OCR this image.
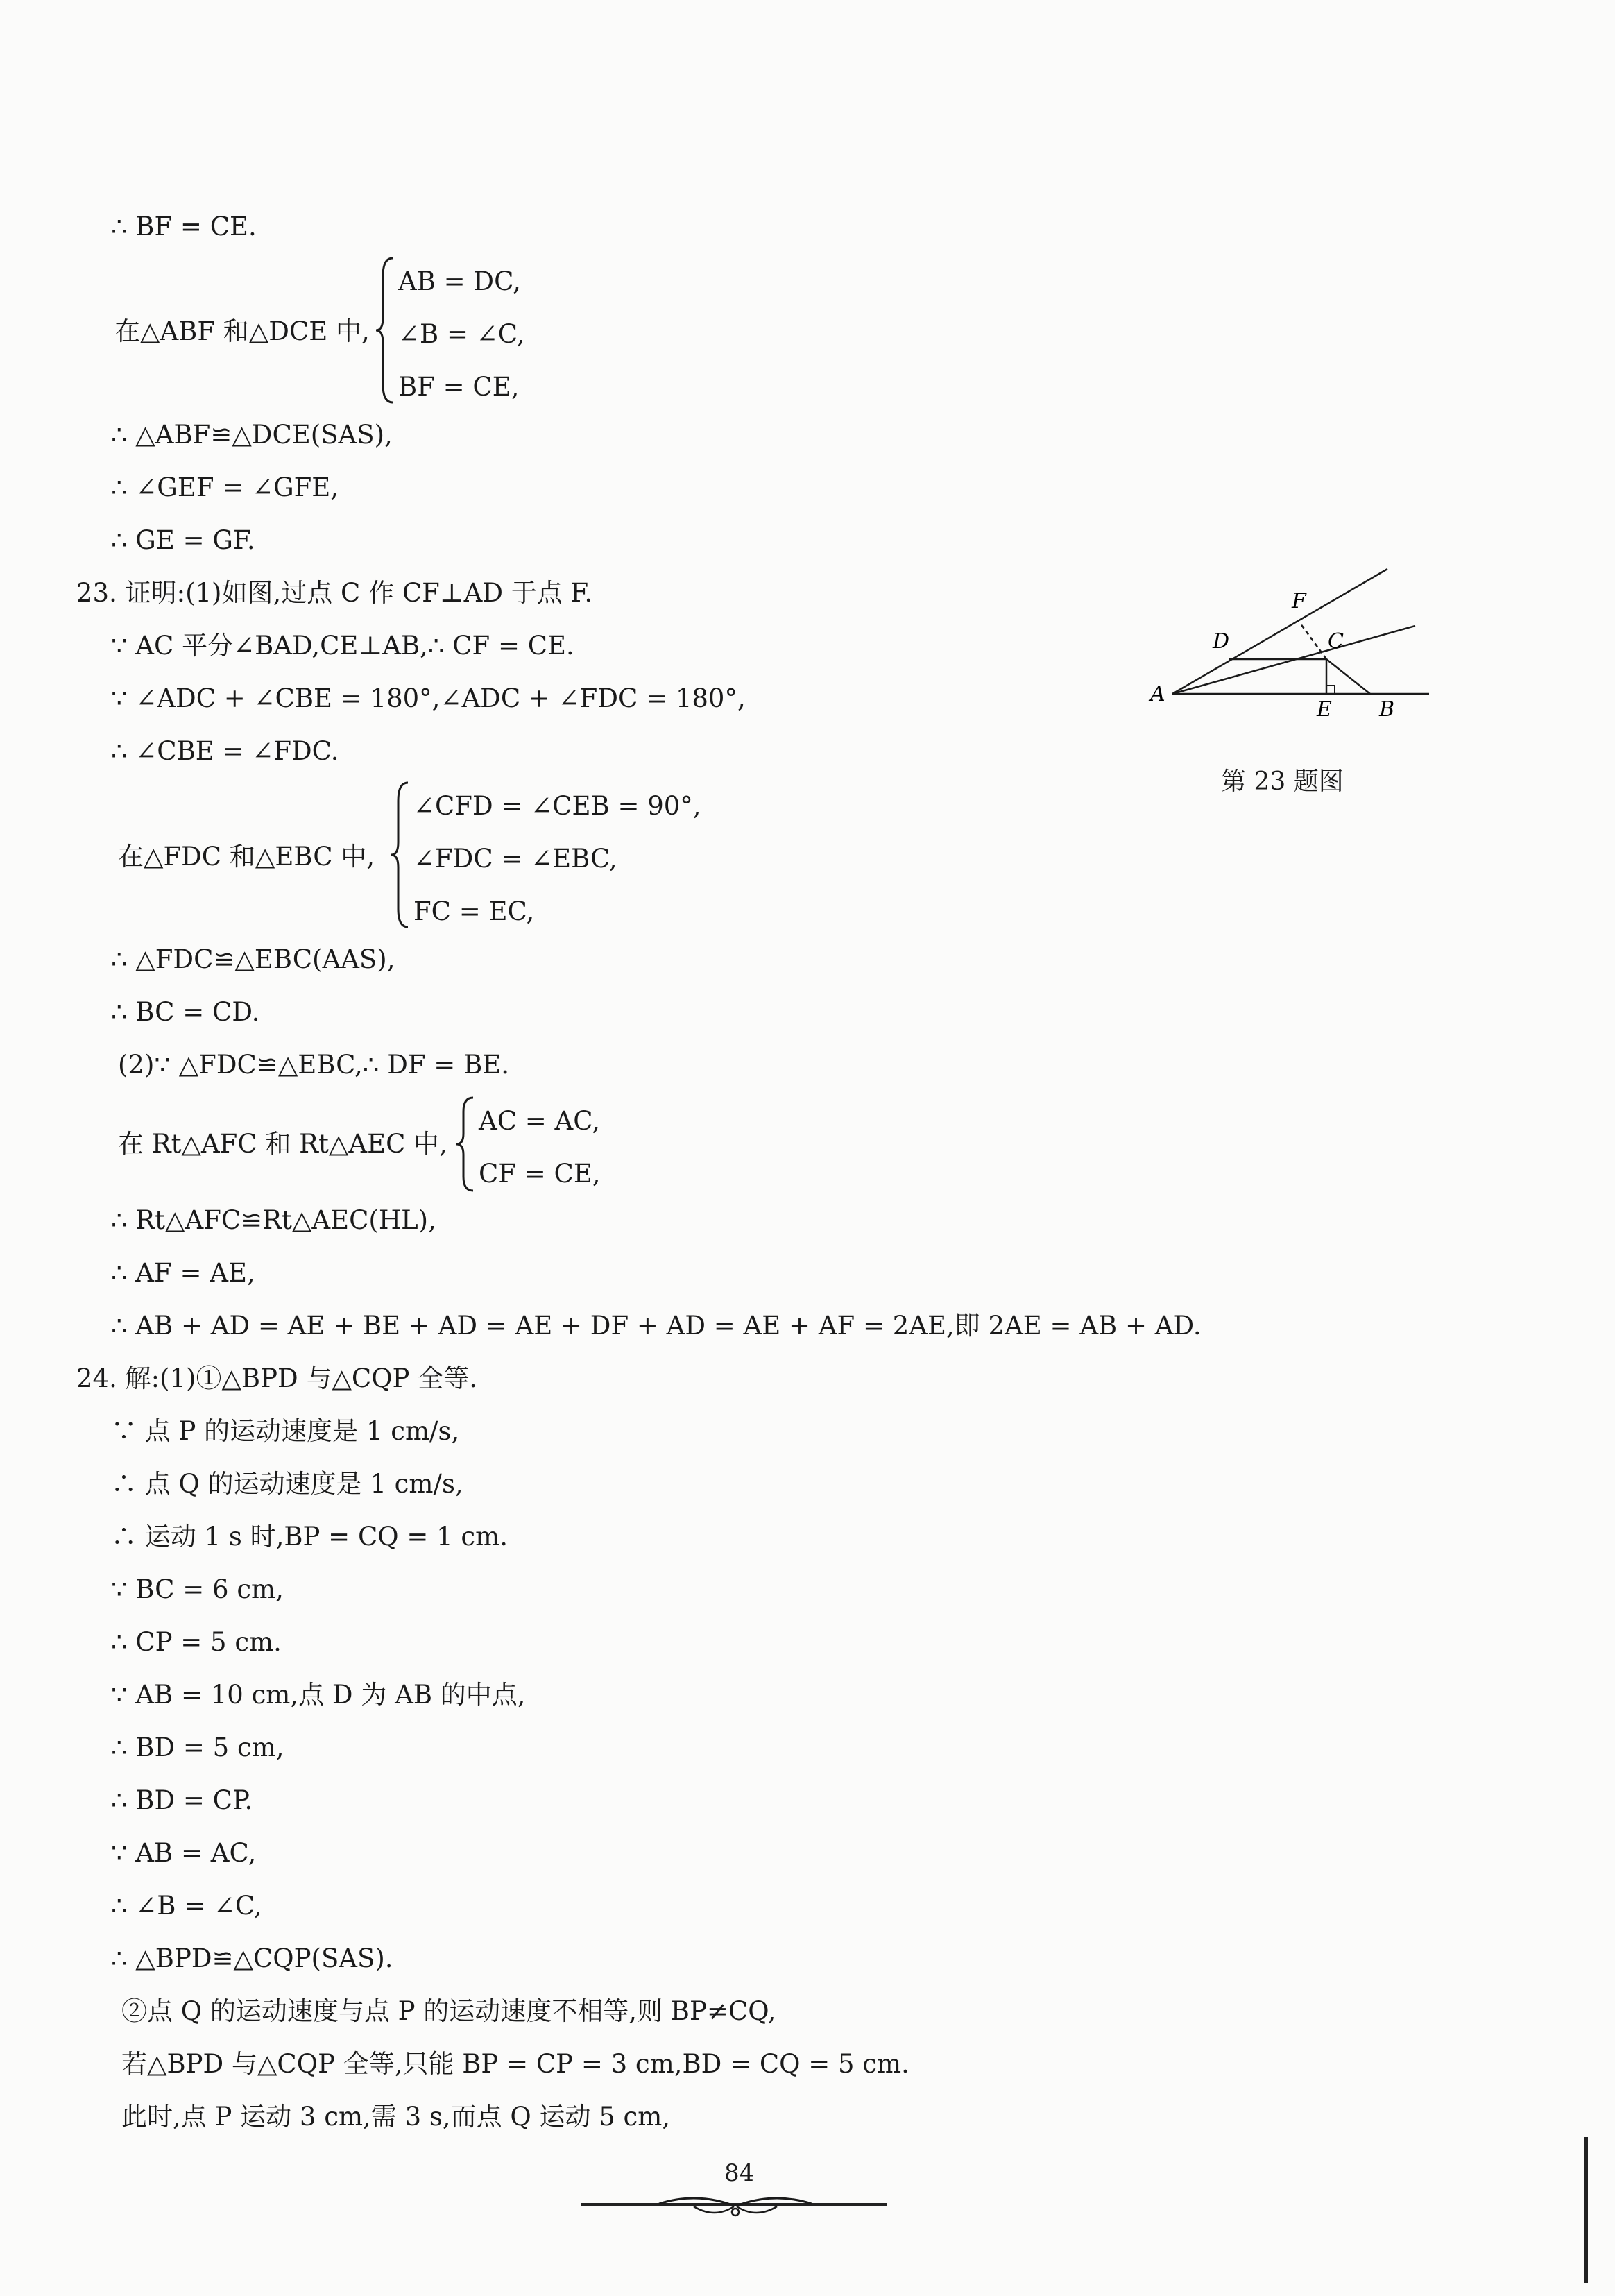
∴ BF = CE.
在△ABF 和△DCE 中,
AB = DC,
∠B = ∠C,
BF = CE,
∴ △ABF≌△DCE(SAS),
∴ ∠GEF = ∠GFE,
∴ GE = GF.
23. 证明:(1)如图,过点 C 作 CF⊥AD 于点 F.
∵ AC 平分∠BAD,CE⊥AB,∴ CF = CE.
∵ ∠ADC + ∠CBE = 180°,∠ADC + ∠FDC = 180°,
∴ ∠CBE = ∠FDC.
在△FDC 和△EBC 中,
∠CFD = ∠CEB = 90°,
∠FDC = ∠EBC,
FC = EC,
∴ △FDC≌△EBC(AAS),
∴ BC = CD.
(2)∵ △FDC≌△EBC,∴ DF = BE.
在 Rt△AFC 和 Rt△AEC 中,
AC = AC,
CF = CE,
∴ Rt△AFC≌Rt△AEC(HL),
∴ AF = AE,
∴ AB + AD = AE + BE + AD = AE + DF + AD = AE + AF = 2AE,即 2AE = AB + AD.
A
B
C
D
E
F
第 23 题图
24. 解:(1)①△BPD 与△CQP 全等.
∵ 点 P 的运动速度是 1 cm/s,
∴ 点 Q 的运动速度是 1 cm/s,
∴ 运动 1 s 时,BP = CQ = 1 cm.
∵ BC = 6 cm,
∴ CP = 5 cm.
∵ AB = 10 cm,点 D 为 AB 的中点,
∴ BD = 5 cm,
∴ BD = CP.
∵ AB = AC,
∴ ∠B = ∠C,
∴ △BPD≌△CQP(SAS).
②点 Q 的运动速度与点 P 的运动速度不相等,则 BP≠CQ,
若△BPD 与△CQP 全等,只能 BP = CP = 3 cm,BD = CQ = 5 cm.
此时,点 P 运动 3 cm,需 3 s,而点 Q 运动 5 cm,
84
